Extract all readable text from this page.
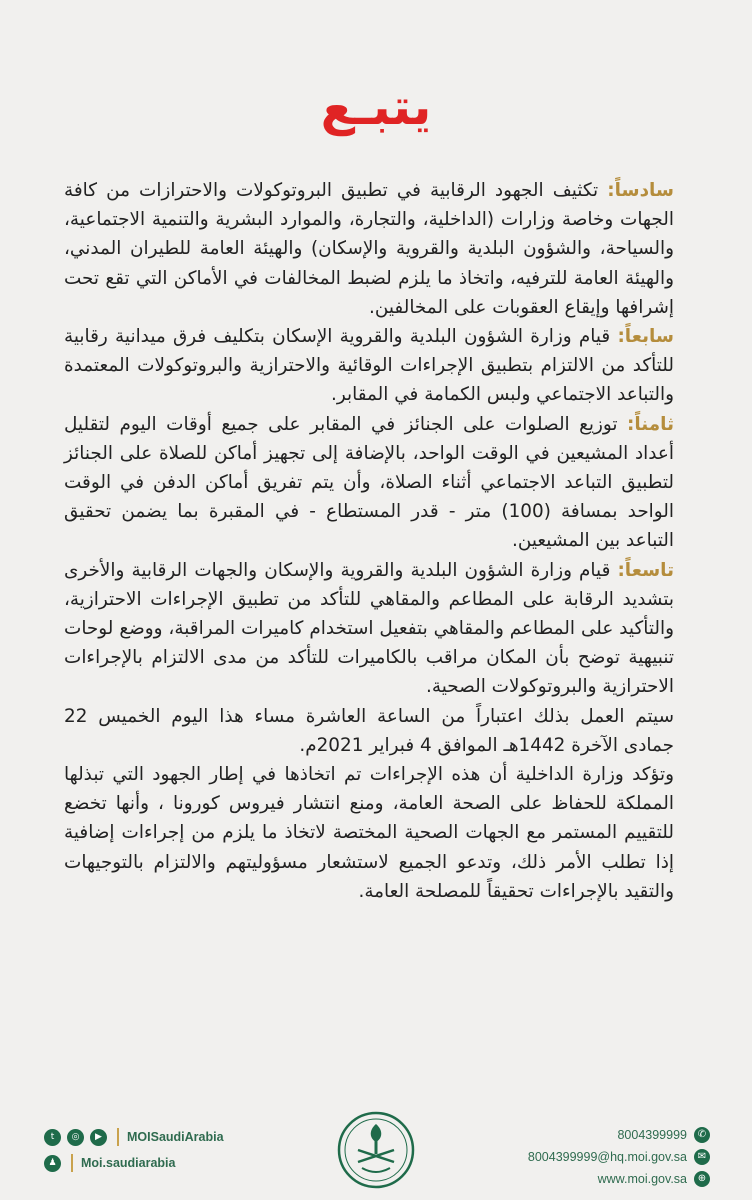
يتبـع

سادساً: تكثيف الجهود الرقابية في تطبيق البروتوكولات والاحترازات من كافة الجهات وخاصة وزارات (الداخلية، والتجارة، والموارد البشرية والتنمية الاجتماعية، والسياحة، والشؤون البلدية والقروية والإسكان) والهيئة العامة للطيران المدني، والهيئة العامة للترفيه، واتخاذ ما يلزم لضبط المخالفات في الأماكن التي تقع تحت إشرافها وإيقاع العقوبات على المخالفين.

سابعاً: قيام وزارة الشؤون البلدية والقروية الإسكان بتكليف فرق ميدانية رقابية للتأكد من الالتزام بتطبيق الإجراءات الوقائية والاحترازية والبروتوكولات المعتمدة والتباعد الاجتماعي ولبس الكمامة في المقابر.

ثامناً: توزيع الصلوات على الجنائز في المقابر على جميع أوقات اليوم لتقليل أعداد المشيعين في الوقت الواحد، بالإضافة إلى تجهيز أماكن للصلاة على الجنائز لتطبيق التباعد الاجتماعي أثناء الصلاة، وأن يتم تفريق أماكن الدفن في الوقت الواحد بمسافة (100) متر - قدر المستطاع - في المقبرة بما يضمن تحقيق التباعد بين المشيعين.

تاسعاً: قيام وزارة الشؤون البلدية والقروية والإسكان والجهات الرقابية والأخرى بتشديد الرقابة على المطاعم والمقاهي للتأكد من تطبيق الإجراءات الاحترازية، والتأكيد على المطاعم والمقاهي بتفعيل استخدام كاميرات المراقبة، ووضع لوحات تنبيهية توضح بأن المكان مراقب بالكاميرات للتأكد من مدى الالتزام بالإجراءات الاحترازية والبروتوكولات الصحية.

سيتم العمل بذلك اعتباراً من الساعة العاشرة مساء هذا اليوم الخميس 22 جمادى الآخرة 1442هـ الموافق 4 فبراير 2021م.

وتؤكد وزارة الداخلية أن هذه الإجراءات تم اتخاذها في إطار الجهود التي تبذلها المملكة للحفاظ على الصحة العامة، ومنع انتشار فيروس كورونا ، وأنها تخضع للتقييم المستمر مع الجهات الصحية المختصة لاتخاذ ما يلزم من إجراءات إضافية إذا تطلب الأمر ذلك، وتدعو الجميع لاستشعار مسؤوليتهم والالتزام بالتوجيهات والتقيد بالإجراءات تحقيقاً للمصلحة العامة.

t	◎	▶	MOISaudiArabia
♟	Moi.saudiarabia
8004399999	✆
8004399999@hq.moi.gov.sa	✉
www.moi.gov.sa	⊕
